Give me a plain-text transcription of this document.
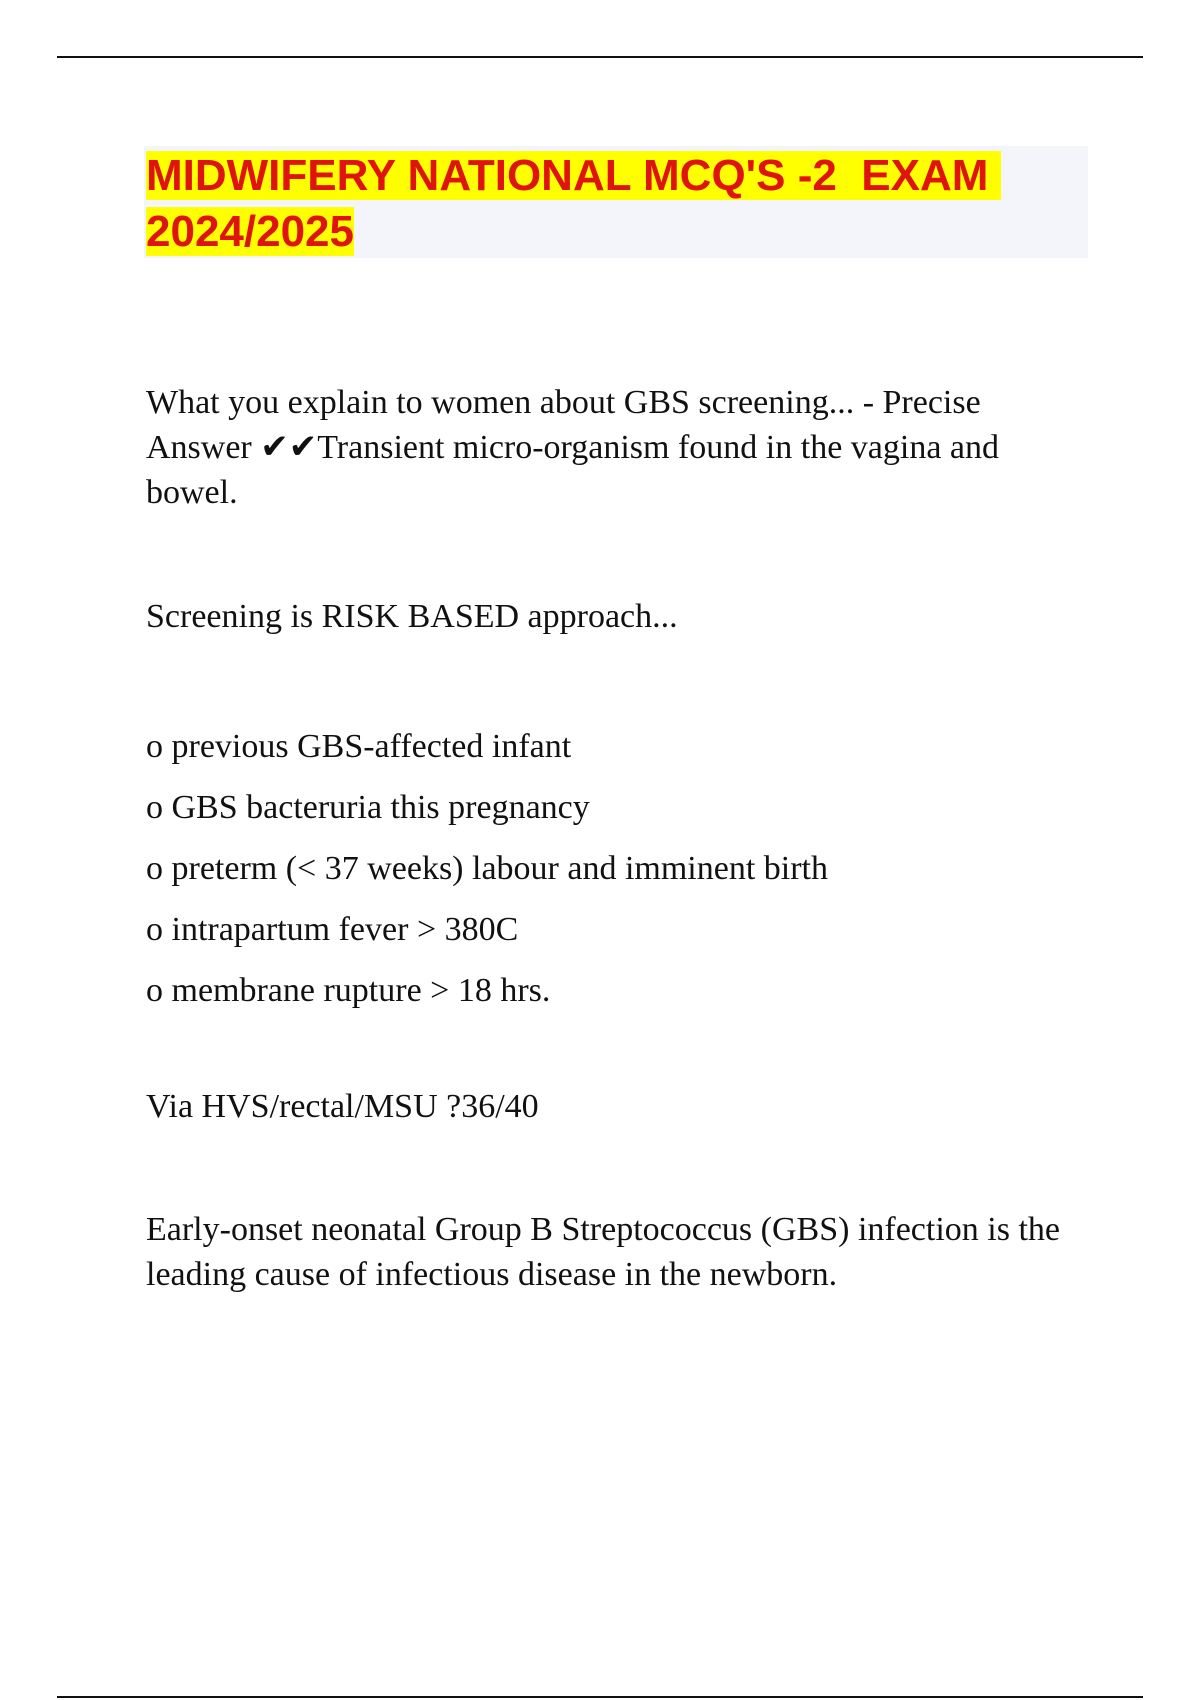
MIDWIFERY NATIONAL MCQ'S -2  EXAM 2024/2025

What you explain to women about GBS screening... - Precise Answer ✔✔Transient micro-organism found in the vagina and bowel.

Screening is RISK BASED approach...

o previous GBS-affected infant
o GBS bacteruria this pregnancy
o preterm (< 37 weeks) labour and imminent birth
o intrapartum fever > 380C
o membrane rupture > 18 hrs.

Via HVS/rectal/MSU ?36/40

Early-onset neonatal Group B Streptococcus (GBS) infection is the leading cause of infectious disease in the newborn.
